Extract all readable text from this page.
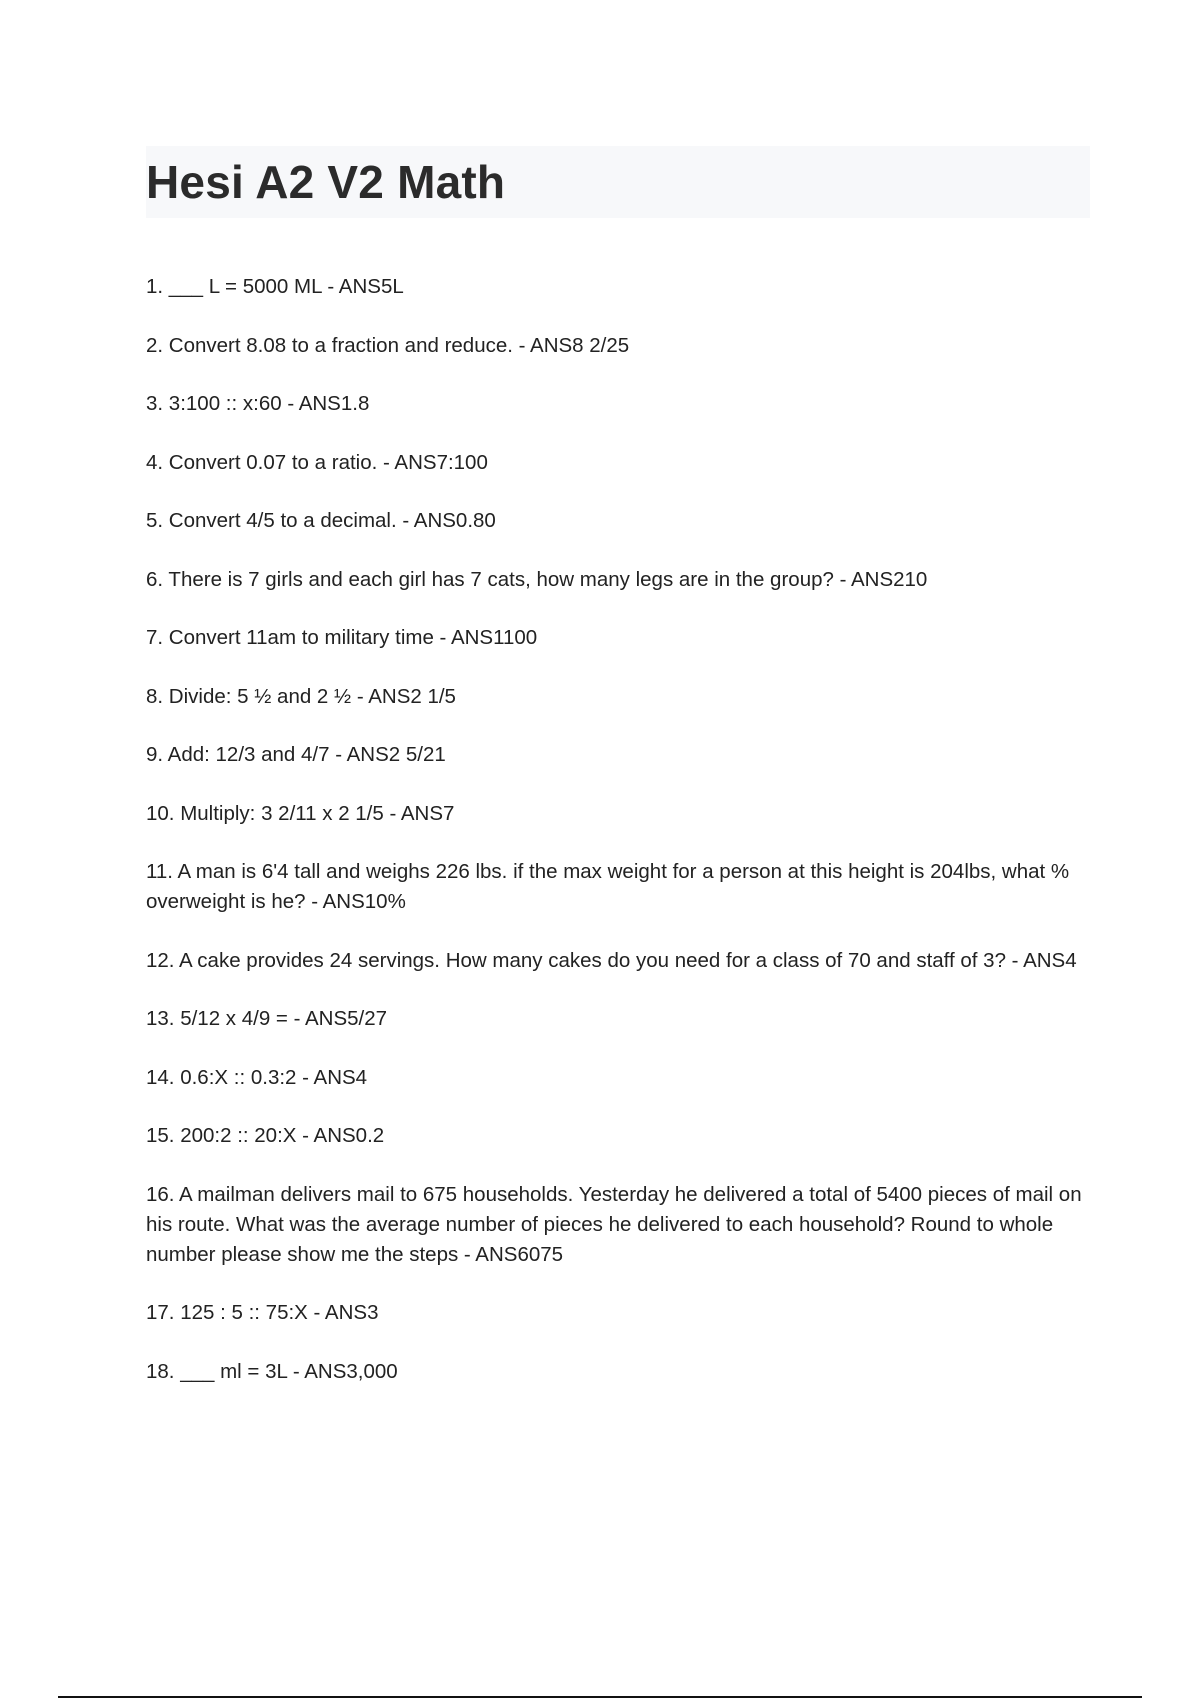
Hesi A2 V2 Math
1. ___ L = 5000 ML - ANS5L
2. Convert 8.08 to a fraction and reduce. - ANS8 2/25
3. 3:100 :: x:60 - ANS1.8
4. Convert 0.07 to a ratio. - ANS7:100
5. Convert 4/5 to a decimal. - ANS0.80
6. There is 7 girls and each girl has 7 cats, how many legs are in the group? - ANS210
7. Convert 11am to military time - ANS1100
8. Divide: 5 ½ and 2 ½ - ANS2 1/5
9. Add: 12/3 and 4/7 - ANS2 5/21
10. Multiply: 3 2/11 x 2 1/5 - ANS7
11. A man is 6'4 tall and weighs 226 lbs. if the max weight for a person at this height is 204lbs, what % overweight is he? - ANS10%
12. A cake provides 24 servings. How many cakes do you need for a class of 70 and staff of 3? - ANS4
13. 5/12 x 4/9 = - ANS5/27
14. 0.6:X :: 0.3:2 - ANS4
15. 200:2 :: 20:X - ANS0.2
16. A mailman delivers mail to 675 households. Yesterday he delivered a total of 5400 pieces of mail on his route. What was the average number of pieces he delivered to each household? Round to whole number please show me the steps - ANS6075
17. 125 : 5 :: 75:X - ANS3
18. ___ ml = 3L - ANS3,000
